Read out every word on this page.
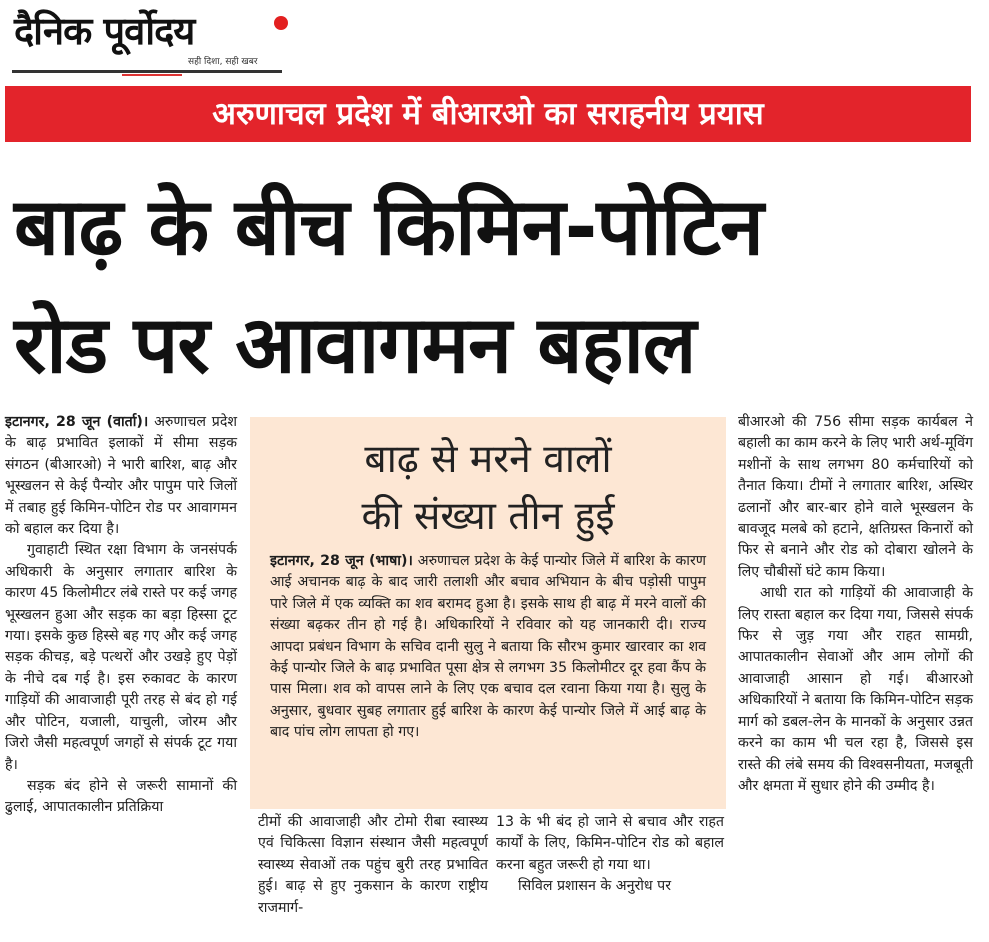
दैनिक पूर्वोदय
सही दिशा, सही खबर
अरुणाचल प्रदेश में बीआरओ का सराहनीय प्रयास
बाढ़ के बीच किमिन-पोटिन
रोड पर आवागमन बहाल

इटानगर, 28 जून (वार्ता)। अरुणाचल प्रदेश के बाढ़ प्रभावित इलाकों में सीमा सड़क संगठन (बीआरओ) ने भारी बारिश, बाढ़ और भूस्खलन से केई पैन्योर और पापुम पारे जिलों में तबाह हुई किमिन-पोटिन रोड पर आवागमन को बहाल कर दिया है।

गुवाहाटी स्थित रक्षा विभाग के जनसंपर्क अधिकारी के अनुसार लगातार बारिश के कारण 45 किलोमीटर लंबे रास्ते पर कई जगह भूस्खलन हुआ और सड़क का बड़ा हिस्सा टूट गया। इसके कुछ हिस्से बह गए और कई जगह सड़क कीचड़, बड़े पत्थरों और उखड़े हुए पेड़ों के नीचे दब गई है। इस रुकावट के कारण गाड़ियों की आवाजाही पूरी तरह से बंद हो गई और पोटिन, यजाली, याचुली, जोरम और जिरो जैसी महत्वपूर्ण जगहों से संपर्क टूट गया है।

सड़क बंद होने से जरूरी सामानों की ढुलाई, आपातकालीन प्रतिक्रिया

बाढ़ से मरने वालों
की संख्या तीन हुई

इटानगर, 28 जून (भाषा)। अरुणाचल प्रदेश के केई पान्योर जिले में बारिश के कारण आई अचानक बाढ़ के बाद जारी तलाशी और बचाव अभियान के बीच पड़ोसी पापुम पारे जिले में एक व्यक्ति का शव बरामद हुआ है। इसके साथ ही बाढ़ में मरने वालों की संख्या बढ़कर तीन हो गई है। अधिकारियों ने रविवार को यह जानकारी दी। राज्य आपदा प्रबंधन विभाग के सचिव दानी सुलु ने बताया कि सौरभ कुमार खारवार का शव केई पान्योर जिले के बाढ़ प्रभावित पूसा क्षेत्र से लगभग 35 किलोमीटर दूर हवा कैंप के पास मिला। शव को वापस लाने के लिए एक बचाव दल रवाना किया गया है। सुलु के अनुसार, बुधवार सुबह लगातार हुई बारिश के कारण केई पान्योर जिले में आई बाढ़ के बाद पांच लोग लापता हो गए।

टीमों की आवाजाही और टोमो रीबा स्वास्थ्य एवं चिकित्सा विज्ञान संस्थान जैसी महत्वपूर्ण स्वास्थ्य सेवाओं तक पहुंच बुरी तरह प्रभावित हुई। बाढ़ से हुए नुकसान के कारण राष्ट्रीय राजमार्ग-

13 के भी बंद हो जाने से बचाव और राहत कार्यों के लिए, किमिन-पोटिन रोड को बहाल करना बहुत जरूरी हो गया था।

सिविल प्रशासन के अनुरोध पर

बीआरओ की 756 सीमा सड़क कार्यबल ने बहाली का काम करने के लिए भारी अर्थ-मूविंग मशीनों के साथ लगभग 80 कर्मचारियों को तैनात किया। टीमों ने लगातार बारिश, अस्थिर ढलानों और बार-बार होने वाले भूस्खलन के बावजूद मलबे को हटाने, क्षतिग्रस्त किनारों को फिर से बनाने और रोड को दोबारा खोलने के लिए चौबीसों घंटे काम किया।

आधी रात को गाड़ियों की आवाजाही के लिए रास्ता बहाल कर दिया गया, जिससे संपर्क फिर से जुड़ गया और राहत सामग्री, आपातकालीन सेवाओं और आम लोगों की आवाजाही आसान हो गई। बीआरओ अधिकारियों ने बताया कि किमिन-पोटिन सड़क मार्ग को डबल-लेन के मानकों के अनुसार उन्नत करने का काम भी चल रहा है, जिससे इस रास्ते की लंबे समय की विश्वसनीयता, मजबूती और क्षमता में सुधार होने की उम्मीद है।
